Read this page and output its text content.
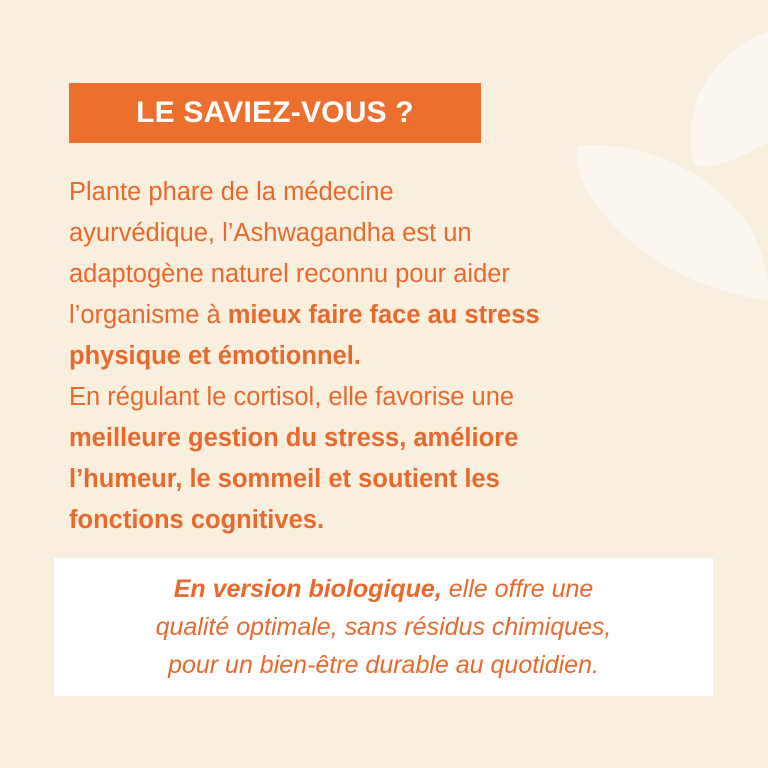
LE SAVIEZ-VOUS ?
Plante phare de la médecine
ayurvédique, l’Ashwagandha est un
adaptogène naturel reconnu pour aider
l’organisme à mieux faire face au stress
physique et émotionnel.
En régulant le cortisol, elle favorise une
meilleure gestion du stress, améliore
l’humeur, le sommeil et soutient les
fonctions cognitives.
En version biologique, elle offre une
qualité optimale, sans résidus chimiques,
pour un bien-être durable au quotidien.
